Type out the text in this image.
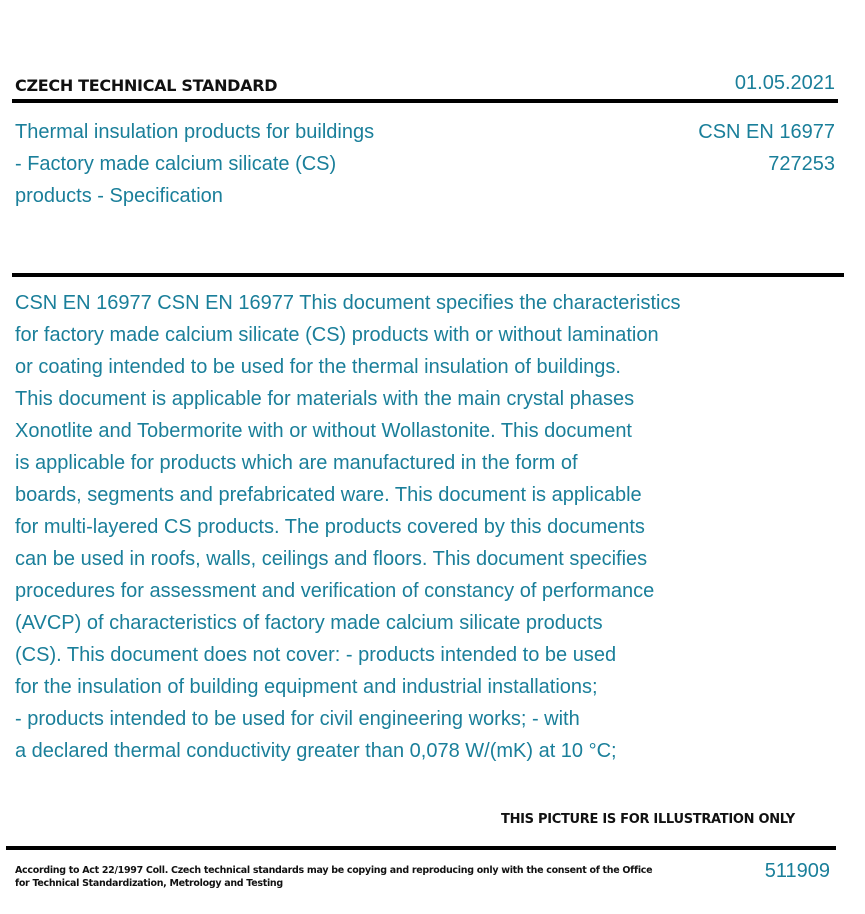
CZECH TECHNICAL STANDARD	01.05.2021
Thermal insulation products for buildings
- Factory made calcium silicate (CS)
products - Specification
CSN EN 16977
727253
CSN EN 16977 CSN EN 16977 This document specifies the characteristics
for factory made calcium silicate (CS) products with or without lamination
or coating intended to be used for the thermal insulation of buildings.
This document is applicable for materials with the main crystal phases
Xonotlite and Tobermorite with or without Wollastonite. This document
is applicable for products which are manufactured in the form of
boards, segments and prefabricated ware. This document is applicable
for multi-layered CS products. The products covered by this documents
can be used in roofs, walls, ceilings and floors. This document specifies
procedures for assessment and verification of constancy of performance
(AVCP) of characteristics of factory made calcium silicate products
(CS). This document does not cover: - products intended to be used
for the insulation of building equipment and industrial installations;
- products intended to be used for civil engineering works; - with
a declared thermal conductivity greater than 0,078 W/(mK) at 10 °C;
THIS PICTURE IS FOR ILLUSTRATION ONLY
According to Act 22/1997 Coll. Czech technical standards may be copying and reproducing only with the consent of the Office
for Technical Standardization, Metrology and Testing
511909
